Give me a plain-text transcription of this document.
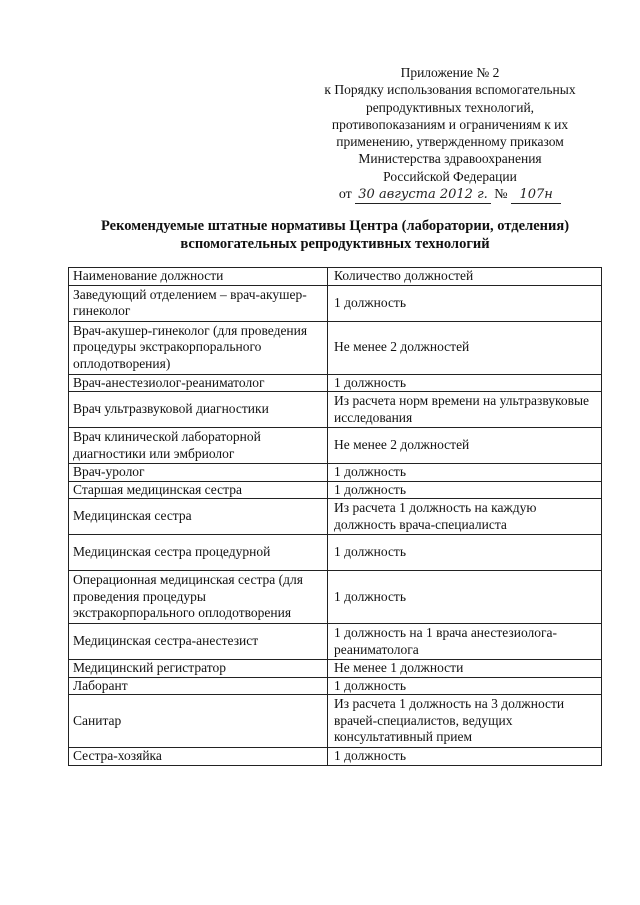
Приложение № 2
к Порядку использования вспомогательных
репродуктивных технологий,
противопоказаниям и ограничениям к их
применению, утвержденному приказом
Министерства здравоохранения
Российской Федерации
от 30 августа 2012 г. № 107н
Рекомендуемые штатные нормативы Центра (лаборатории, отделения)
вспомогательных репродуктивных технологий
Наименование должности	Количество должностей
Заведующий отделением – врач-акушер-гинеколог	1 должность
Врач-акушер-гинеколог (для проведения процедуры экстракорпорального оплодотворения)	Не менее 2 должностей
Врач-анестезиолог-реаниматолог	1 должность
Врач ультразвуковой диагностики	Из расчета норм времени на ультразвуковые исследования
Врач клинической лабораторной диагностики или эмбриолог	Не менее 2 должностей
Врач-уролог	1 должность
Старшая медицинская сестра	1 должность
Медицинская сестра	Из расчета 1 должность на каждую должность врача-специалиста
Медицинская сестра процедурной	1 должность
Операционная медицинская сестра (для проведения процедуры экстракорпорального оплодотворения	1 должность
Медицинская сестра-анестезист	1 должность на 1 врача анестезиолога-реаниматолога
Медицинский регистратор	Не менее 1 должности
Лаборант	1 должность
Санитар	Из расчета 1 должность на 3 должности врачей-специалистов, ведущих консультативный прием
Сестра-хозяйка	1 должность
